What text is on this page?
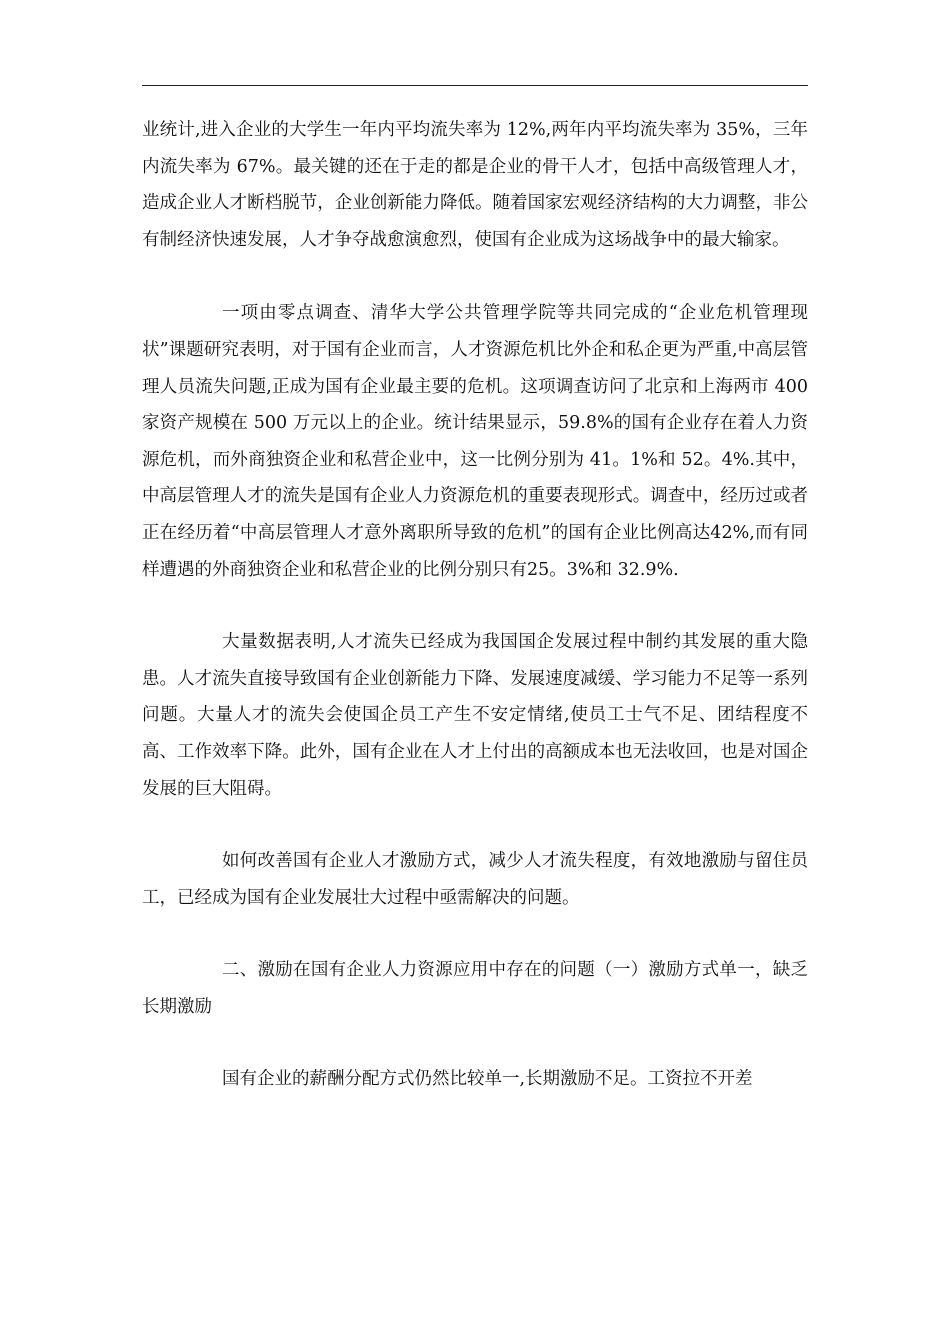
业统计,进入企业的大学生一年内平均流失率为 12%,两年内平均流失率为 35%，三年内流失率为 67%。最关键的还在于走的都是企业的骨干人才，包括中高级管理人才，造成企业人才断档脱节，企业创新能力降低。随着国家宏观经济结构的大力调整，非公有制经济快速发展，人才争夺战愈演愈烈，使国有企业成为这场战争中的最大输家。

一项由零点调查、清华大学公共管理学院等共同完成的“企业危机管理现状”课题研究表明，对于国有企业而言，人才资源危机比外企和私企更为严重,中高层管理人员流失问题,正成为国有企业最主要的危机。这项调查访问了北京和上海两市 400 家资产规模在 500 万元以上的企业。统计结果显示，59.8%的国有企业存在着人力资源危机，而外商独资企业和私营企业中，这一比例分别为 41。1%和 52。4%.其中，中高层管理人才的流失是国有企业人力资源危机的重要表现形式。调查中，经历过或者正在经历着“中高层管理人才意外离职所导致的危机”的国有企业比例高达42%,而有同样遭遇的外商独资企业和私营企业的比例分别只有25。3%和 32.9%.

大量数据表明,人才流失已经成为我国国企发展过程中制约其发展的重大隐患。人才流失直接导致国有企业创新能力下降、发展速度减缓、学习能力不足等一系列问题。大量人才的流失会使国企员工产生不安定情绪,使员工士气不足、团结程度不高、工作效率下降。此外，国有企业在人才上付出的高额成本也无法收回，也是对国企发展的巨大阻碍。

如何改善国有企业人才激励方式，减少人才流失程度，有效地激励与留住员工，已经成为国有企业发展壮大过程中亟需解决的问题。

二、激励在国有企业人力资源应用中存在的问题（一）激励方式单一，缺乏长期激励

国有企业的薪酬分配方式仍然比较单一,长期激励不足。工资拉不开差
